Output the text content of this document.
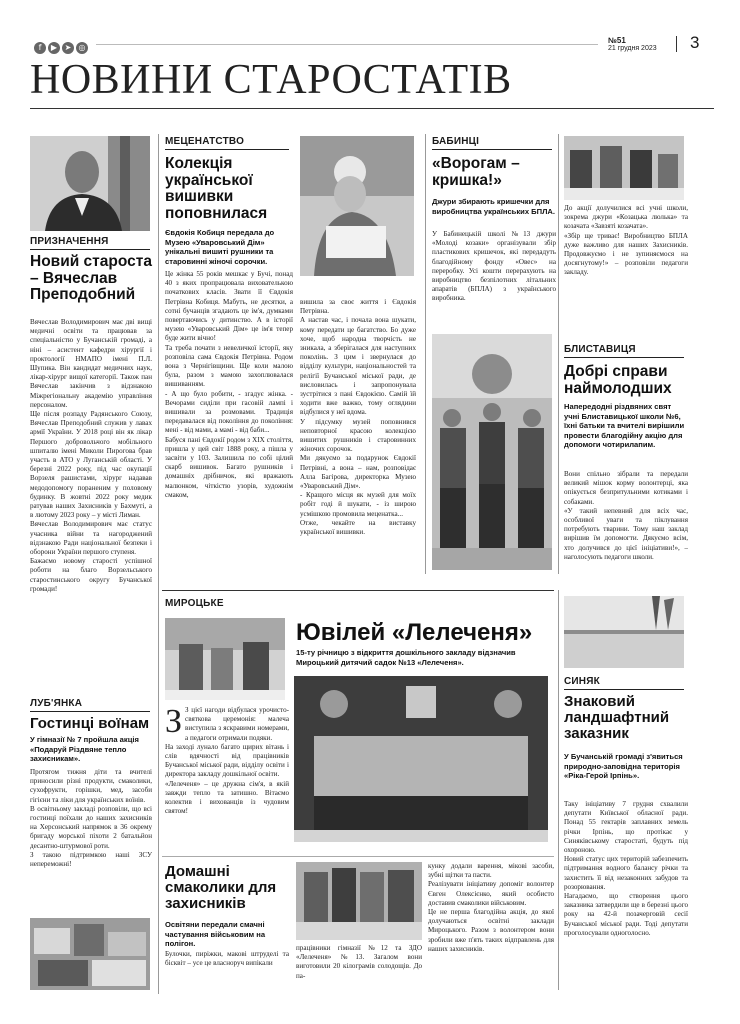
f ▶ ➤ ◎
№51
21 грудня 2023 3
НОВИНИ СТАРОСТАТІВ
ПРИЗНАЧЕННЯ
Новий староста – Вячеслав Преподобний
Вячеслав Володимирович має дві вищі медичні освіти та працював за спеціальністю у Бучанській громаді, а ніні – асистент кафедри хірургії і проктології НМАПО імені П.Л. Шупика. Він кандидат медичних наук, лікар-хірург вищої категорії. Також пан Вячеслав закінчив з відзнакою Міжрегіональну академію управління персоналом.
Ще після розпаду Радянського Союзу, Вячеслав Преподобний служив у лавах армії України. У 2018 році він як лікар Першого добровольчого мобільного шпиталю імені Миколи Пирогова брав участь в АТО у Луганській області. У березні 2022 року, під час окупації Ворзеля рашистами, хірург надавав медодопомогу пораненим у половому будинку. В жовтні 2022 року медик ратував наших Захисників у Бахмуті, а в лютому 2023 року – у місті Лиман.
Вячеслав Володимирович має статус учасника війни та нагороджений відзнакою Ради національної безпеки і оборони України першого ступеня.
Бажаємо новому старості успішної роботи на благо Ворзельського старостинського округу Бучанської громади!
ЛУБ'ЯНКА
Гостинці воїнам
У гімназії № 7 пройшла акція «Подаруй Різдвяне тепло захисникам».
Протягом тижня діти та вчителі приносили різні продукти, смаколики, сухофрукти, горішки, мед, засоби гігієни та ліки для українських воїнів.
В освітньому закладі розповіли, що всі гостинці поїхали до наших захисників на Херсонський напрямок в 36 окрему бригаду морської піхоти 2 батальйон десантно-штурмової роти.
З такою підтримкою наші ЗСУ непереможні!
МЕЦЕНАТСТВО
Колекція української вишивки поповнилася
Євдокія Кобиця передала до Музею «Уваровський Дім» унікальні вишиті рушники та старовинні жіночі сорочки.
Це жінка 55 років мешкає у Бучі, понад 40 з яких пропрацювала вихователькою початкових класів. Звати її Євдокія Петрівна Кобиця. Мабуть, не десятки, а сотні бучанців згадають це ім'я, думками повертаючись у дитинство. А в історії музею «Уваровський Дім» це ім'я тепер буде жити вічно!
Та треба почати з невеличкої історії, яку розповіла сама Євдокія Петрівна. Родом вона з Чернігівщини. Ще коли малою була, разом з мамою захоплювалася вишиванням.
- А що було робити, - згадує жінка. - Вечорами сиділи при гасовій лампі і вишивали за розмовами. Традиція передавалася від покоління до покоління: мені - від мами, а мамі - від баби...
Бабуся пані Євдокії родом з XIX століття, пришла у цей світ 1888 року, а пішла у засвіти у 103. Залишила по собі цілий скарб вишивок. Багато рушників і домашніх дрібничок, які вражають малюнком, чіткістю узорів, художнім смаком,
вишила за своє життя і Євдокія Петрівна.
А настав час, і почала вона шукати, кому передати це багатство. Бо дуже хоче, щоб народна творчість не зникала, а зберігалася для наступних поколінь. З цим і звернулася до відділу культури, національностей та релігії Бучанської міської ради, де висловилась і запропонувала зустрітися з пані Євдокією. Самій їй ходити вже важко, тому оглядини відбулися у неї вдома.
У підсумку музей поповнився неповторної красою колекцією вишитих рушників і старовинних жіночих сорочок.
Ми дякуємо за подарунок Євдокії Петрівні, а вона – нам, розповідає Алла Багірова, директорка Музею «Уваровський Дім».
- Кращого місця як музей для моїх робіт годі й шукати, - із широю усмішкою промовила меценатка...
Отже, чекайте на виставку української вишивки.
БАБИНЦІ
«Ворогам – кришка!»
Джури збирають кришечки для виробництва українських БПЛА.
У Бабинецькій школі №13 джури «Молоді козаки» організували збір пластикових кришечок, які передадуть благодійному фонду «Овес» на переробку. Усі кошти перерахують на виробництво безпілотних літальних апаратів (БПЛА) з українського виробника.
До акції долучилися всі учні школи, зокрема джури «Козацька люлька» та козачата «Завзяті козачата».
«Збір ще триває! Виробництво БПЛА дуже важливо для наших Захисників. Продовжуємо і не зупиняємося на досягнутому!» – розповіли педагоги закладу.
БЛИСТАВИЦЯ
Добрі справи наймолодших
Напередодні різдвяних свят учні Блиставицької школи №6, їхні батьки та вчителі вирішили провести благодійну акцію для допомоги чотирилапим.
Вони спільно зібрали та передали великий мішок корму волонтерці, яка опікується безпритульними котиками і собаками.
«У такий непевний для всіх час, особливої уваги та піклування потребують тварини. Тому наш заклад вирішив їм допомогти. Дякуємо всім, хто долучився до цієї ініціативи!», – наголосують педагоги школи.
МИРОЦЬКЕ
Ювілей «Лелеченя»
15-ту річницю з відкриття дошкільного закладу відзначив Мироцький дитячий садок №13 «Лелеченя».
З З цієї нагоди відбулася урочисто-святкова церемонія: малеча виступила з яскравими номерами, а педагоги отримали подяки.
На заході лунало багато щирих вітань і слів вдячності від працівників Бучанської міської ради, відділу освіти і директора закладу дошкільної освіти.
«Лелеченя» – це дружна сім'я, в якій завжди тепло та затишно. Вітаємо колектив і вихованців із чудовим святом!
Домашні смаколики для захисників
Освітяни передали смачні частування військовим на полігон.
Булочки, пиріжки, макові штруделі та бісквіт – усе це власноруч випікали
працівники гімназії №12 та ЗДО «Лелеченя» №13. Загалом вони виготовили 20 кілограмів солодощів. До па-
кунку додали варення, мікові засоби, зубні щітки та пасти.
Реалізувати ініціативу допоміг волонтер Євген Олексієнко, який особисто доставив смаколики військовим.
Це не перша благодійна акція, до якої долучаються освітні заклади Мироцького. Разом з волонтером вони зробили вже п'ять таких відправлень для наших захисників.
СИНЯК
Знаковий ландшафтний заказник
У Бучанській громаді з'явиться природно-заповідна територія «Ріка-Герой Ірпінь».
Таку ініціативу 7 грудня схвалили депутати Київської обласної ради. Понад 55 гектарів заплавних земель річки Ірпінь, що протікає у Синяківському старостаті, будуть під охороною.
Новий статус цих територій забезпечить підтримання водного балансу річки та захистить її від незаконних забудов та розорювання.
Нагадаємо, що створення цього заказника затвердили ще в березні цього року на 42-й позачерговій сесії Бучанської міської ради. Тоді депутати проголосували одноголосно.
